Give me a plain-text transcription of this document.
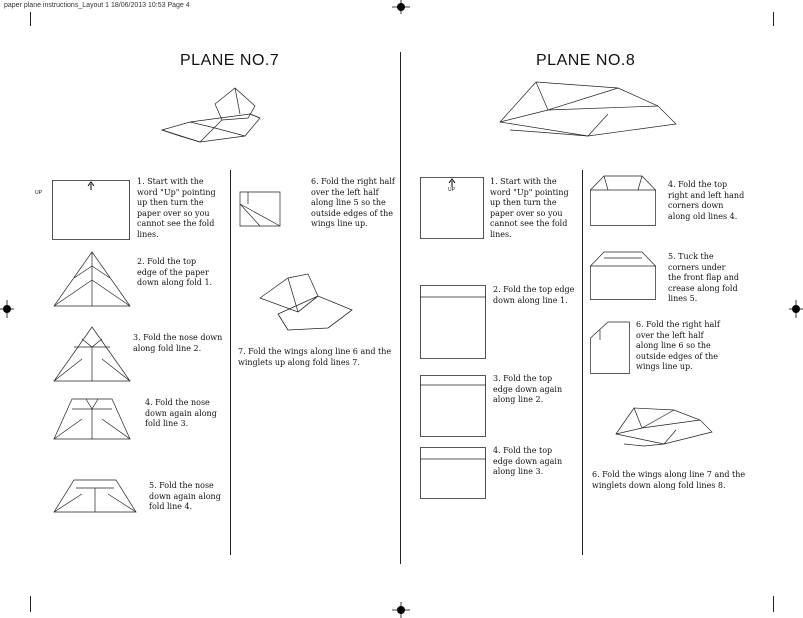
paper plane instructions_Layout 1 18/06/2013 10:53 Page 4
PLANE NO.7
UP
1. Start with the
word "Up" pointing
up then turn the
paper over so you
cannot see the fold
lines.
2. Fold the top
edge of the paper
down along fold 1.
3. Fold the nose down
along fold line 2.
4. Fold the nose
down again along
fold line 3.
5. Fold the nose
down again along
fold line 4.
6. Fold the right half
over the left half
along line 5 so the
outside edges of the
wings line up.
7. Fold the wings along line 6 and the
winglets up along fold lines 7.
PLANE NO.8
UP
1. Start with the
word "Up" pointing
up then turn the
paper over so you
cannot see the fold
lines.
2. Fold the top edge
down along line 1.
3. Fold the top
edge down again
along line 2.
4. Fold the top
edge down again
along line 3.
4. Fold the top
right and left hand
corners down
along old lines 4.
5. Tuck the
corners under
the front flap and
crease along fold
lines 5.
6. Fold the right half
over the left half
along line 6 so the
outside edges of the
wings line up.
6. Fold the wings along line 7 and the
winglets down along fold lines 8.
